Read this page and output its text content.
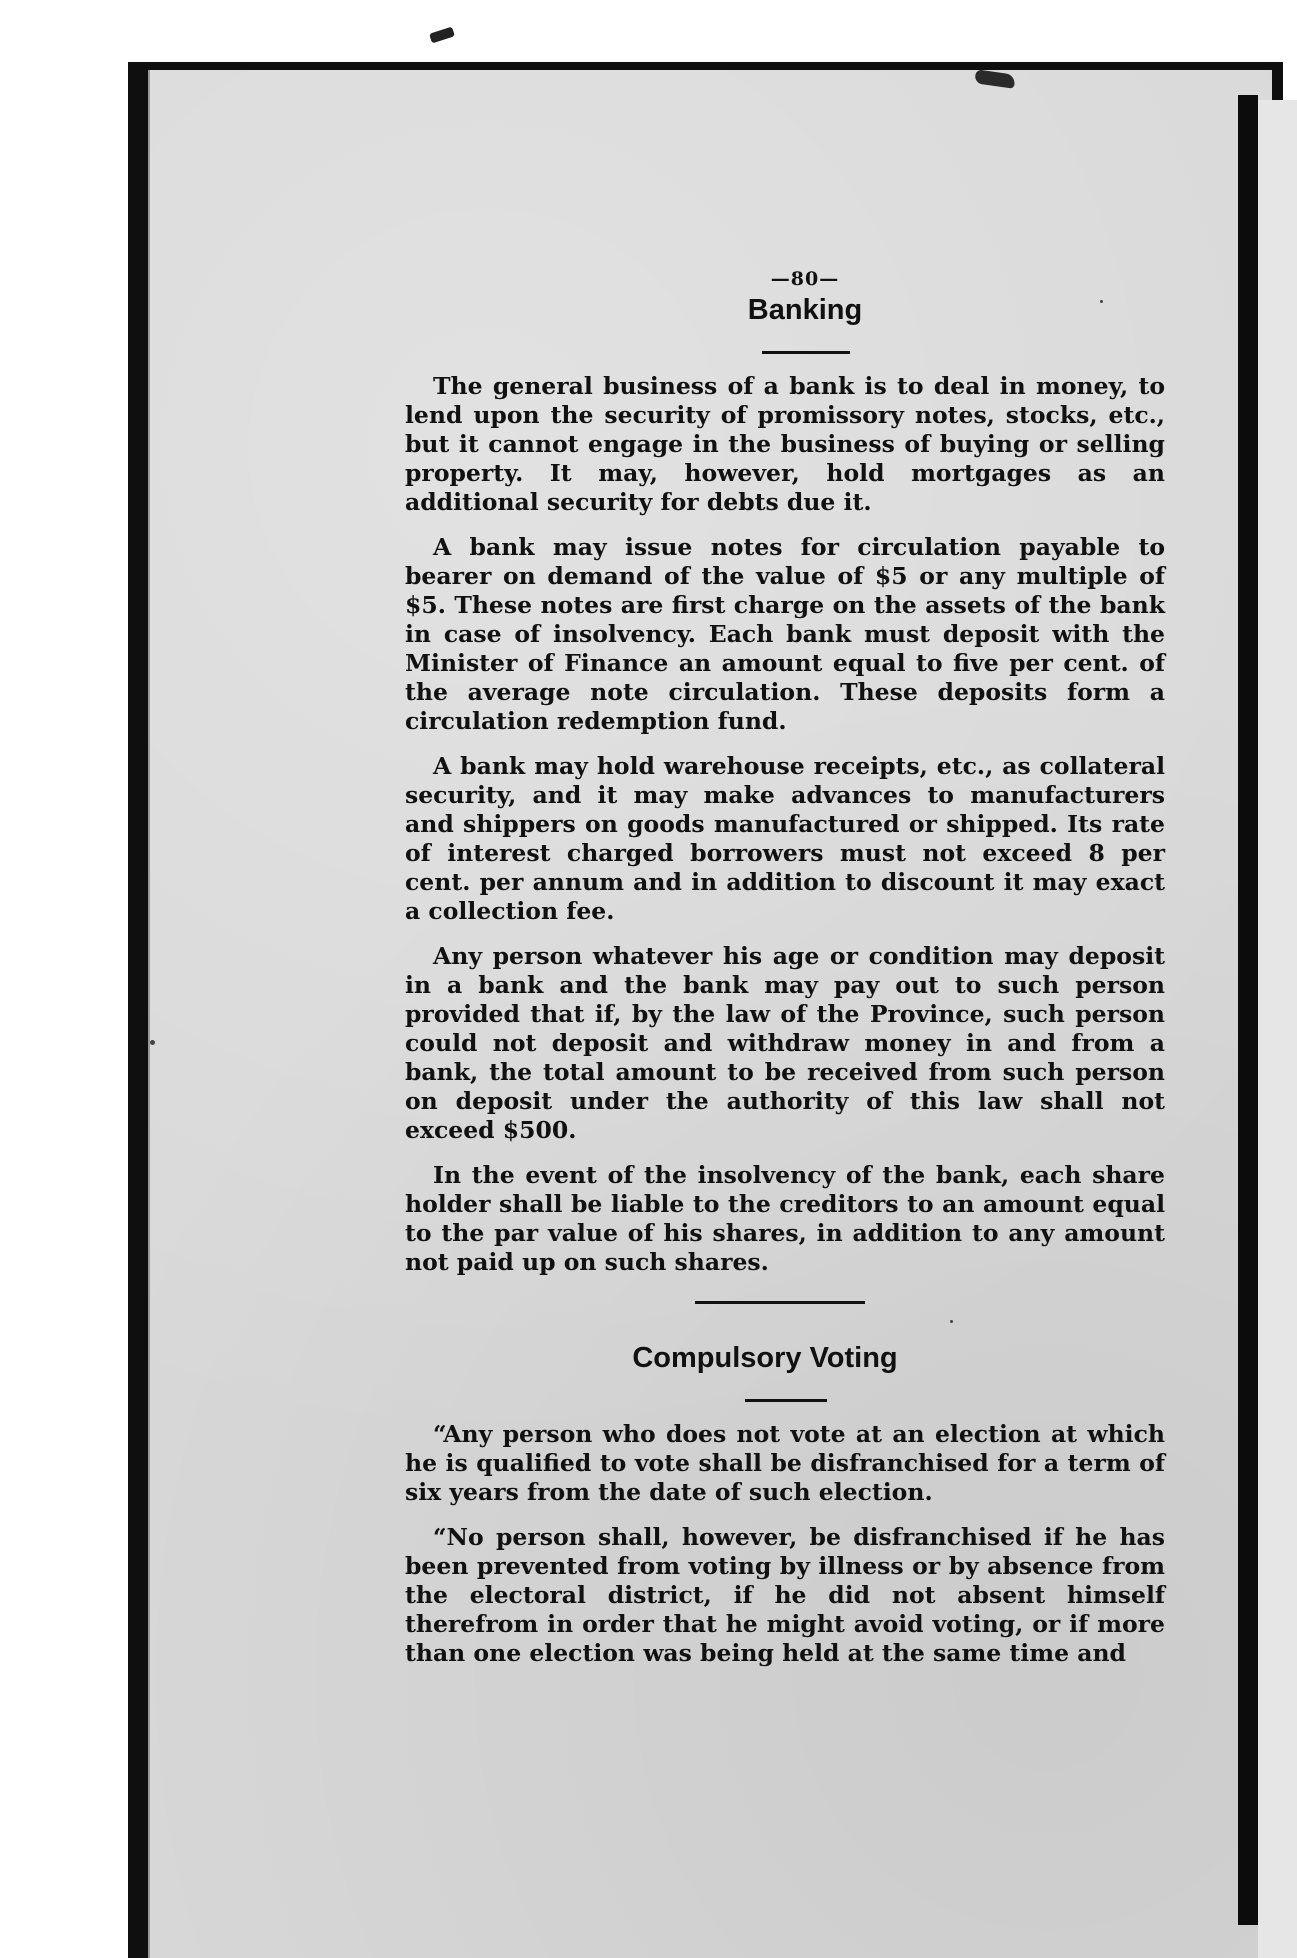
—80—
Banking

The general business of a bank is to deal in money, to lend upon the security of promissory notes, stocks, etc., but it cannot engage in the business of buying or selling property. It may, however, hold mortgages as an additional security for debts due it.

A bank may issue notes for circulation payable to bearer on demand of the value of $5 or any multiple of $5. These notes are first charge on the assets of the bank in case of insolvency. Each bank must deposit with the Minister of Finance an amount equal to five per cent. of the average note circulation. These deposits form a circulation redemption fund.

A bank may hold warehouse receipts, etc., as collateral security, and it may make advances to manufacturers and shippers on goods manufactured or shipped. Its rate of interest charged borrowers must not exceed 8 per cent. per annum and in addition to discount it may exact a collection fee.

Any person whatever his age or condition may deposit in a bank and the bank may pay out to such person provided that if, by the law of the Province, such person could not deposit and withdraw money in and from a bank, the total amount to be received from such person on deposit under the authority of this law shall not exceed $500.

In the event of the insolvency of the bank, each share holder shall be liable to the creditors to an amount equal to the par value of his shares, in addition to any amount not paid up on such shares.

Compulsory Voting

“Any person who does not vote at an election at which he is qualified to vote shall be disfranchised for a term of six years from the date of such election.

“No person shall, however, be disfranchised if he has been prevented from voting by illness or by absence from the electoral district, if he did not absent himself therefrom in order that he might avoid voting, or if more than one election was being held at the same time and
